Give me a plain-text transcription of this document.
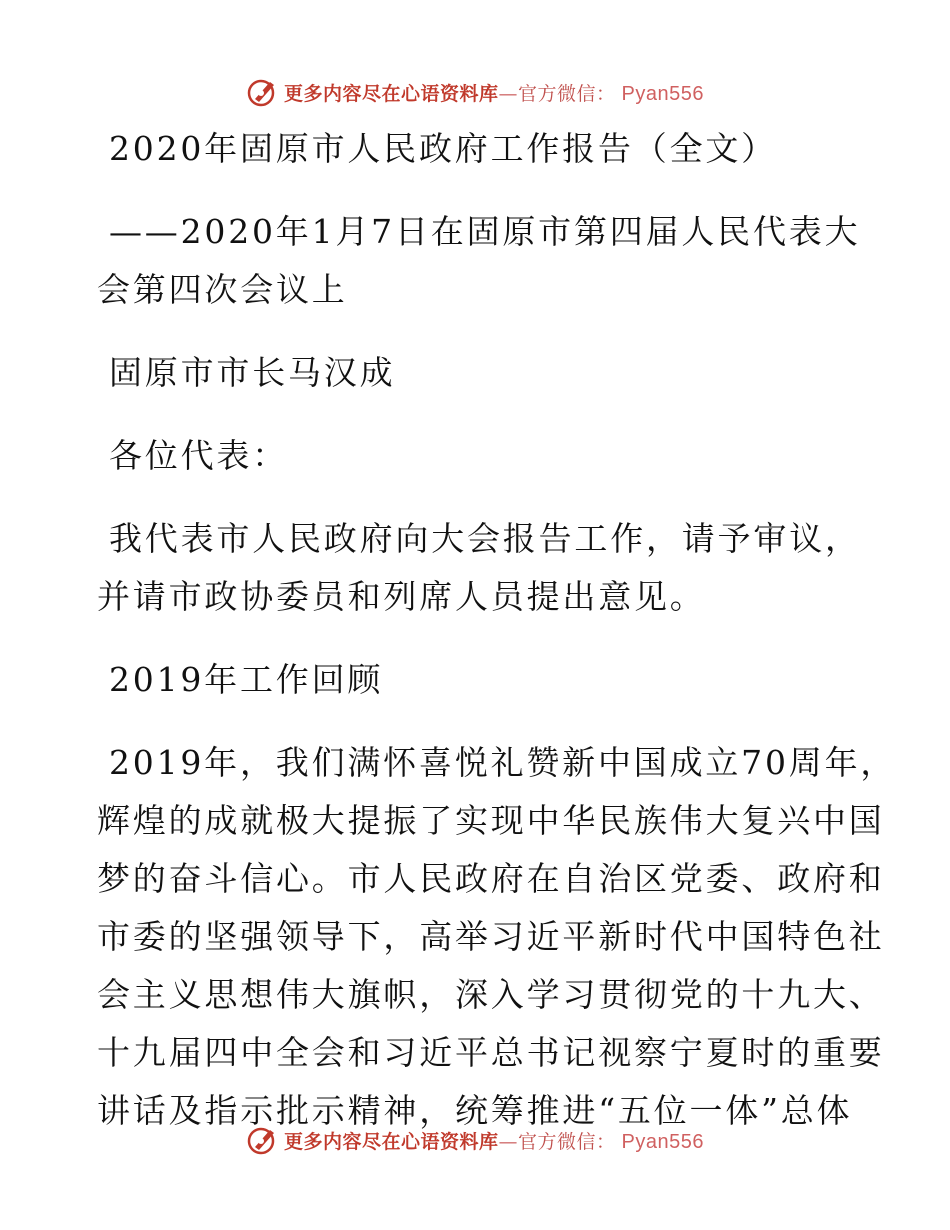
更多内容尽在心语资料库—官方微信： Pyan556

2020年固原市人民政府工作报告（全文）

——2020年1月7日在固原市第四届人民代表大

会第四次会议上

固原市市长马汉成

各位代表：

我代表市人民政府向大会报告工作，请予审议，

并请市政协委员和列席人员提出意见。

2019年工作回顾

2019年，我们满怀喜悦礼赞新中国成立70周年，

辉煌的成就极大提振了实现中华民族伟大复兴中国

梦的奋斗信心。市人民政府在自治区党委、政府和

市委的坚强领导下，高举习近平新时代中国特色社

会主义思想伟大旗帜，深入学习贯彻党的十九大、

十九届四中全会和习近平总书记视察宁夏时的重要

讲话及指示批示精神，统筹推进“五位一体”总体

更多内容尽在心语资料库—官方微信： Pyan556
